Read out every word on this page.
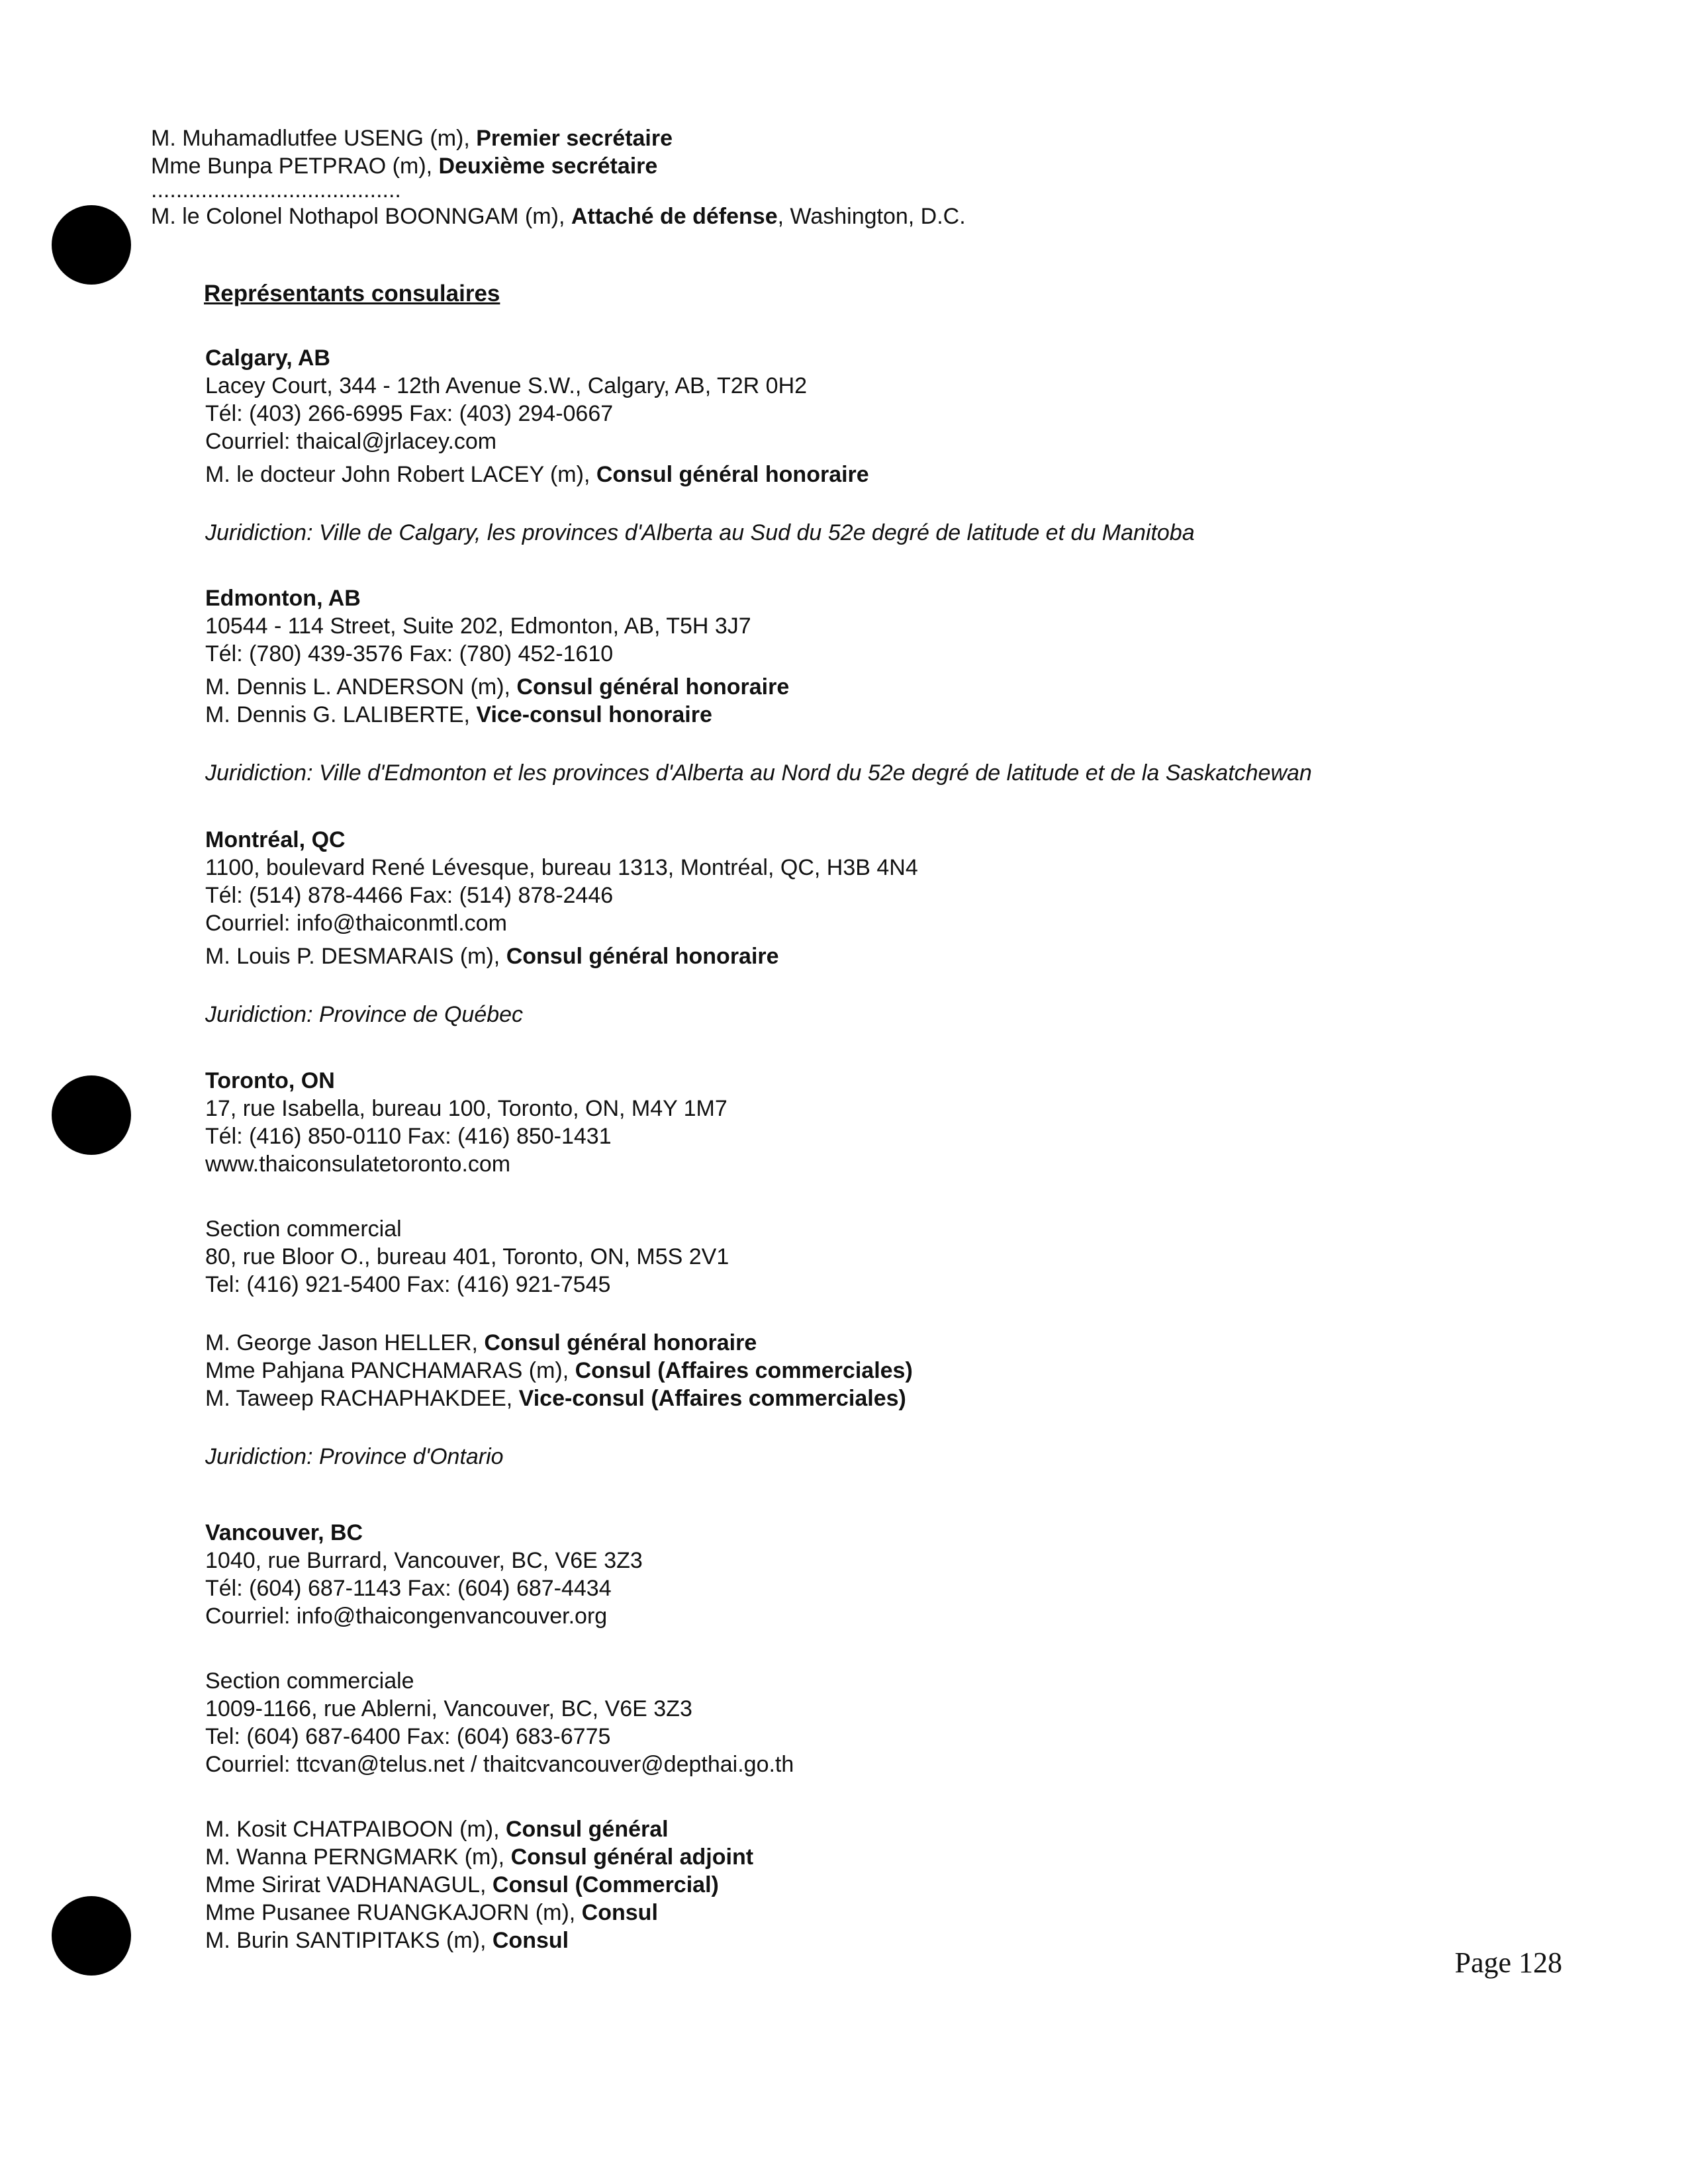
M. Muhamadlutfee USENG (m), Premier secrétaire
Mme Bunpa PETPRAO (m), Deuxième secrétaire
........................................
M. le Colonel Nothapol BOONNGAM (m), Attaché de défense, Washington, D.C.
Représentants consulaires
Calgary, AB
Lacey Court, 344 - 12th Avenue S.W., Calgary, AB, T2R 0H2
Tél: (403) 266-6995 Fax: (403) 294-0667
Courriel: thaical@jrlacey.com
M. le docteur John Robert LACEY (m), Consul général honoraire
Juridiction: Ville de Calgary, les provinces d'Alberta au Sud du 52e degré de latitude et du Manitoba
Edmonton, AB
10544 - 114 Street, Suite 202, Edmonton, AB, T5H 3J7
Tél: (780) 439-3576 Fax: (780) 452-1610
M. Dennis L. ANDERSON (m), Consul général honoraire
M. Dennis G. LALIBERTE, Vice-consul honoraire
Juridiction: Ville d'Edmonton et les provinces d'Alberta au Nord du 52e degré de latitude et de la Saskatchewan
Montréal, QC
1100, boulevard René Lévesque, bureau 1313, Montréal, QC, H3B 4N4
Tél: (514) 878-4466 Fax: (514) 878-2446
Courriel: info@thaiconmtl.com
M. Louis P. DESMARAIS (m), Consul général honoraire
Juridiction: Province de Québec
Toronto, ON
17, rue Isabella, bureau 100, Toronto, ON, M4Y 1M7
Tél: (416) 850-0110 Fax: (416) 850-1431
www.thaiconsulatetoronto.com
Section commercial
80, rue Bloor O., bureau 401, Toronto, ON, M5S 2V1
Tel: (416) 921-5400 Fax: (416) 921-7545
M. George Jason HELLER, Consul général honoraire
Mme Pahjana PANCHAMARAS (m), Consul (Affaires commerciales)
M. Taweep RACHAPHAKDEE, Vice-consul (Affaires commerciales)
Juridiction: Province d'Ontario
Vancouver, BC
1040, rue Burrard, Vancouver, BC, V6E 3Z3
Tél: (604) 687-1143 Fax: (604) 687-4434
Courriel: info@thaicongenvancouver.org
Section commerciale
1009-1166, rue Ablerni, Vancouver, BC, V6E 3Z3
Tel: (604) 687-6400 Fax: (604) 683-6775
Courriel: ttcvan@telus.net / thaitcvancouver@depthai.go.th
M. Kosit CHATPAIBOON (m), Consul général
M. Wanna PERNGMARK (m), Consul général adjoint
Mme Sirirat VADHANAGUL, Consul (Commercial)
Mme Pusanee RUANGKAJORN (m), Consul
M. Burin SANTIPITAKS (m), Consul
Page 128
